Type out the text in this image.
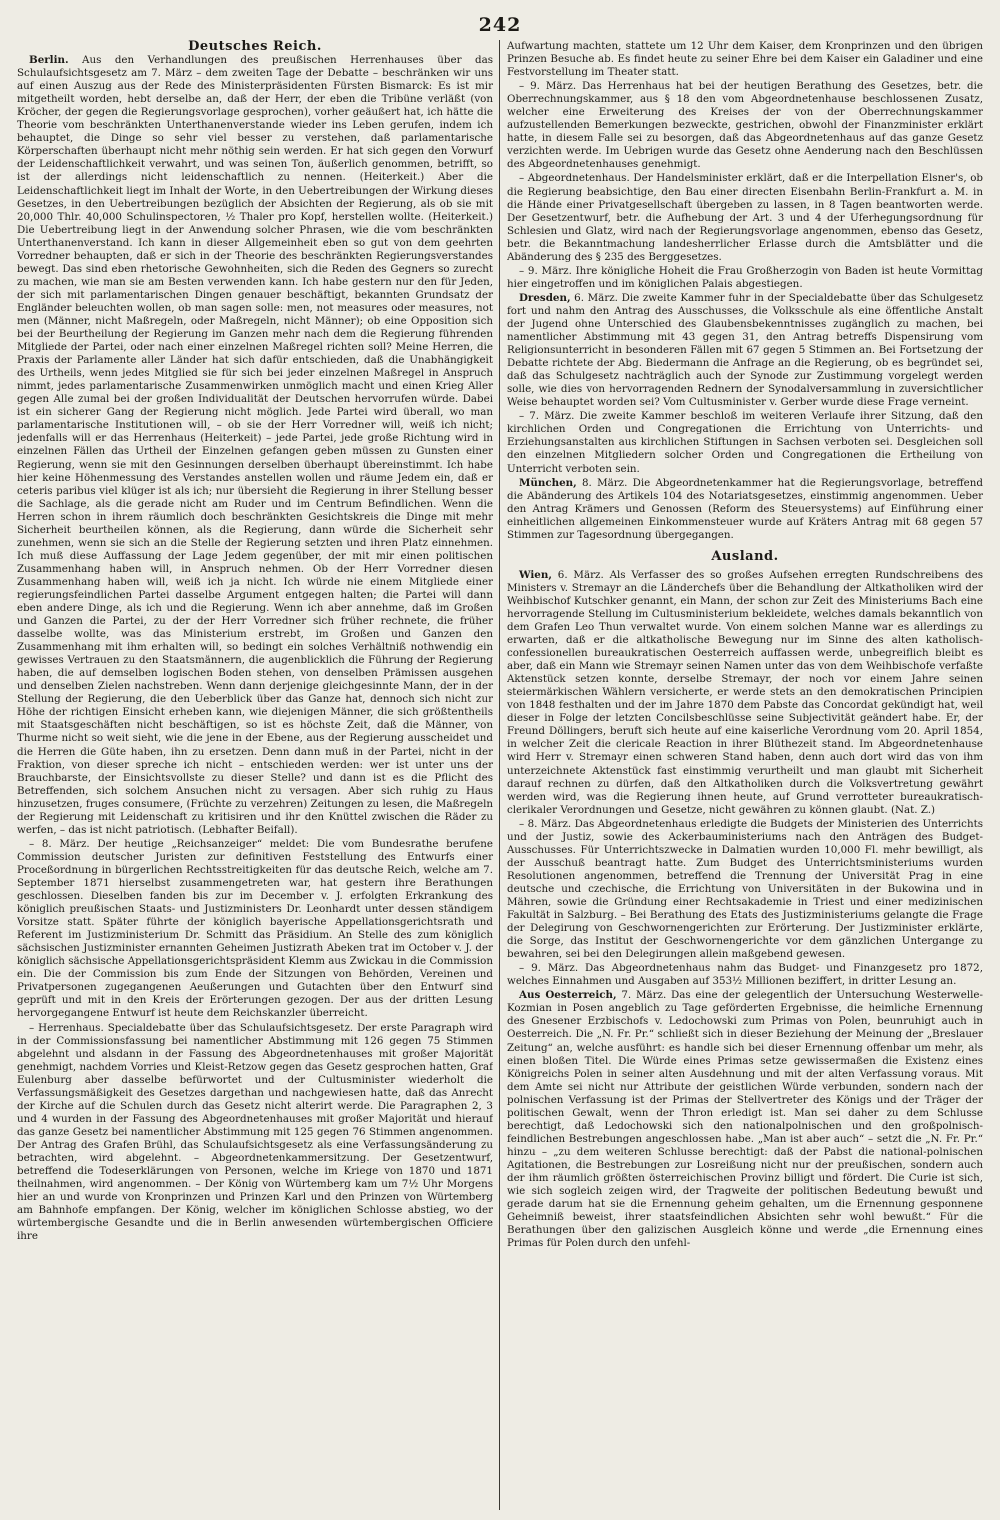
242
Deutsches Reich.

Berlin. Aus den Verhandlungen des preußischen Herrenhauses über das Schulaufsichtsgesetz am 7. März – dem zweiten Tage der Debatte – beschränken wir uns auf einen Auszug aus der Rede des Ministerpräsidenten Fürsten Bismarck: Es ist mir mitgetheilt worden, hebt derselbe an, daß der Herr, der eben die Tribüne verläßt (von Kröcher, der gegen die Regierungsvorlage gesprochen), vorher geäußert hat, ich hätte die Theorie vom beschränkten Unterthanenverstande wieder ins Leben gerufen, indem ich behauptet, die Dinge so sehr viel besser zu verstehen, daß parlamentarische Körperschaften überhaupt nicht mehr nöthig sein werden. Er hat sich gegen den Vorwurf der Leidenschaftlichkeit verwahrt, und was seinen Ton, äußerlich genommen, betrifft, so ist der allerdings nicht leidenschaftlich zu nennen. (Heiterkeit.) Aber die Leidenschaftlichkeit liegt im Inhalt der Worte, in den Uebertreibungen der Wirkung dieses Gesetzes, in den Uebertreibungen bezüglich der Absichten der Regierung, als ob sie mit 20,000 Thlr. 40,000 Schulinspectoren, ½ Thaler pro Kopf, herstellen wollte. (Heiterkeit.) Die Uebertreibung liegt in der Anwendung solcher Phrasen, wie die vom beschränkten Unterthanenverstand. Ich kann in dieser Allgemeinheit eben so gut von dem geehrten Vorredner behaupten, daß er sich in der Theorie des beschränkten Regierungsverstandes bewegt. Das sind eben rhetorische Gewohnheiten, sich die Reden des Gegners so zurecht zu machen, wie man sie am Besten verwenden kann. Ich habe gestern nur den für Jeden, der sich mit parlamentarischen Dingen genauer beschäftigt, bekannten Grundsatz der Engländer beleuchten wollen, ob man sagen solle: men, not measures oder measures, not men (Männer, nicht Maßregeln, oder Maßregeln, nicht Männer); ob eine Opposition sich bei der Beurtheilung der Regierung im Ganzen mehr nach dem die Regierung führenden Mitgliede der Partei, oder nach einer einzelnen Maßregel richten soll? Meine Herren, die Praxis der Parlamente aller Länder hat sich dafür entschieden, daß die Unabhängigkeit des Urtheils, wenn jedes Mitglied sie für sich bei jeder einzelnen Maßregel in Anspruch nimmt, jedes parlamentarische Zusammenwirken unmöglich macht und einen Krieg Aller gegen Alle zumal bei der großen Individualität der Deutschen hervorrufen würde. Dabei ist ein sicherer Gang der Regierung nicht möglich. Jede Partei wird überall, wo man parlamentarische Institutionen will, – ob sie der Herr Vorredner will, weiß ich nicht; jedenfalls will er das Herrenhaus (Heiterkeit) – jede Partei, jede große Richtung wird in einzelnen Fällen das Urtheil der Einzelnen gefangen geben müssen zu Gunsten einer Regierung, wenn sie mit den Gesinnungen derselben überhaupt übereinstimmt. Ich habe hier keine Höhenmessung des Verstandes anstellen wollen und räume Jedem ein, daß er ceteris paribus viel klüger ist als ich; nur übersieht die Regierung in ihrer Stellung besser die Sachlage, als die gerade nicht am Ruder und im Centrum Befindlichen. Wenn die Herren schon in ihrem räumlich doch beschränkten Gesichtskreis die Dinge mit mehr Sicherheit beurtheilen können, als die Regierung, dann würde die Sicherheit sehr zunehmen, wenn sie sich an die Stelle der Regierung setzten und ihren Platz einnehmen. Ich muß diese Auffassung der Lage Jedem gegenüber, der mit mir einen politischen Zusammenhang haben will, in Anspruch nehmen. Ob der Herr Vorredner diesen Zusammenhang haben will, weiß ich ja nicht. Ich würde nie einem Mitgliede einer regierungsfeindlichen Partei dasselbe Argument entgegen halten; die Partei will dann eben andere Dinge, als ich und die Regierung. Wenn ich aber annehme, daß im Großen und Ganzen die Partei, zu der der Herr Vorredner sich früher rechnete, die früher dasselbe wollte, was das Ministerium erstrebt, im Großen und Ganzen den Zusammenhang mit ihm erhalten will, so bedingt ein solches Verhältniß nothwendig ein gewisses Vertrauen zu den Staatsmännern, die augenblicklich die Führung der Regierung haben, die auf demselben logischen Boden stehen, von denselben Prämissen ausgehen und denselben Zielen nachstreben. Wenn dann derjenige gleichgesinnte Mann, der in der Stellung der Regierung, die den Ueberblick über das Ganze hat, dennoch sich nicht zur Höhe der richtigen Einsicht erheben kann, wie diejenigen Männer, die sich größtentheils mit Staatsgeschäften nicht beschäftigen, so ist es höchste Zeit, daß die Männer, von Thurme nicht so weit sieht, wie die jene in der Ebene, aus der Regierung ausscheidet und die Herren die Güte haben, ihn zu ersetzen. Denn dann muß in der Partei, nicht in der Fraktion, von dieser spreche ich nicht – entschieden werden: wer ist unter uns der Brauchbarste, der Einsichtsvollste zu dieser Stelle? und dann ist es die Pflicht des Betreffenden, sich solchem Ansuchen nicht zu versagen. Aber sich ruhig zu Haus hinzusetzen, fruges consumere, (Früchte zu verzehren) Zeitungen zu lesen, die Maßregeln der Regierung mit Leidenschaft zu kritisiren und ihr den Knüttel zwischen die Räder zu werfen, – das ist nicht patriotisch. (Lebhafter Beifall).

– 8. März. Der heutige „Reichsanzeiger“ meldet: Die vom Bundesrathe berufene Commission deutscher Juristen zur definitiven Feststellung des Entwurfs einer Proceßordnung in bürgerlichen Rechtsstreitigkeiten für das deutsche Reich, welche am 7. September 1871 hierselbst zusammengetreten war, hat gestern ihre Berathungen geschlossen. Dieselben fanden bis zur im December v. J. erfolgten Erkrankung des königlich preußischen Staats- und Justizministers Dr. Leonhardt unter dessen ständigem Vorsitze statt. Später führte der königlich bayerische Appellationsgerichtsrath und Referent im Justizministerium Dr. Schmitt das Präsidium. An Stelle des zum königlich sächsischen Justizminister ernannten Geheimen Justizrath Abeken trat im October v. J. der königlich sächsische Appellationsgerichtspräsident Klemm aus Zwickau in die Commission ein. Die der Commission bis zum Ende der Sitzungen von Behörden, Vereinen und Privatpersonen zugegangenen Aeußerungen und Gutachten über den Entwurf sind geprüft und mit in den Kreis der Erörterungen gezogen. Der aus der dritten Lesung hervorgegangene Entwurf ist heute dem Reichskanzler überreicht.

– Herrenhaus. Specialdebatte über das Schulaufsichtsgesetz. Der erste Paragraph wird in der Commissionsfassung bei namentlicher Abstimmung mit 126 gegen 75 Stimmen abgelehnt und alsdann in der Fassung des Abgeordnetenhauses mit großer Majorität genehmigt, nachdem Vorries und Kleist-Retzow gegen das Gesetz gesprochen hatten, Graf Eulenburg aber dasselbe befürwortet und der Cultusminister wiederholt die Verfassungsmäßigkeit des Gesetzes dargethan und nachgewiesen hatte, daß das Anrecht der Kirche auf die Schulen durch das Gesetz nicht alterirt werde. Die Paragraphen 2, 3 und 4 wurden in der Fassung des Abgeordnetenhauses mit großer Majorität und hierauf das ganze Gesetz bei namentlicher Abstimmung mit 125 gegen 76 Stimmen angenommen. Der Antrag des Grafen Brühl, das Schulaufsichtsgesetz als eine Verfassungsänderung zu betrachten, wird abgelehnt. – Abgeordnetenkammersitzung. Der Gesetzentwurf, betreffend die Todeserklärungen von Personen, welche im Kriege von 1870 und 1871 theilnahmen, wird angenommen. – Der König von Würtemberg kam um 7½ Uhr Morgens hier an und wurde von Kronprinzen und Prinzen Karl und den Prinzen von Würtemberg am Bahnhofe empfangen. Der König, welcher im königlichen Schlosse abstieg, wo der würtembergische Gesandte und die in Berlin anwesenden würtembergischen Officiere ihre

Aufwartung machten, stattete um 12 Uhr dem Kaiser, dem Kronprinzen und den übrigen Prinzen Besuche ab. Es findet heute zu seiner Ehre bei dem Kaiser ein Galadiner und eine Festvorstellung im Theater statt.

– 9. März. Das Herrenhaus hat bei der heutigen Berathung des Gesetzes, betr. die Oberrechnungskammer, aus § 18 den vom Abgeordnetenhause beschlossenen Zusatz, welcher eine Erweiterung des Kreises der von der Oberrechnungskammer aufzustellenden Bemerkungen bezweckte, gestrichen, obwohl der Finanzminister erklärt hatte, in diesem Falle sei zu besorgen, daß das Abgeordnetenhaus auf das ganze Gesetz verzichten werde. Im Uebrigen wurde das Gesetz ohne Aenderung nach den Beschlüssen des Abgeordnetenhauses genehmigt.

– Abgeordnetenhaus. Der Handelsminister erklärt, daß er die Interpellation Elsner's, ob die Regierung beabsichtige, den Bau einer directen Eisenbahn Berlin-Frankfurt a. M. in die Hände einer Privatgesellschaft übergeben zu lassen, in 8 Tagen beantworten werde. Der Gesetzentwurf, betr. die Aufhebung der Art. 3 und 4 der Uferhegungsordnung für Schlesien und Glatz, wird nach der Regierungsvorlage angenommen, ebenso das Gesetz, betr. die Bekanntmachung landesherrlicher Erlasse durch die Amtsblätter und die Abänderung des § 235 des Berggesetzes.

– 9. März. Ihre königliche Hoheit die Frau Großherzogin von Baden ist heute Vormittag hier eingetroffen und im königlichen Palais abgestiegen.

Dresden, 6. März. Die zweite Kammer fuhr in der Specialdebatte über das Schulgesetz fort und nahm den Antrag des Ausschusses, die Volksschule als eine öffentliche Anstalt der Jugend ohne Unterschied des Glaubensbekenntnisses zugänglich zu machen, bei namentlicher Abstimmung mit 43 gegen 31, den Antrag betreffs Dispensirung vom Religionsunterricht in besonderen Fällen mit 67 gegen 5 Stimmen an. Bei Fortsetzung der Debatte richtete der Abg. Biedermann die Anfrage an die Regierung, ob es begründet sei, daß das Schulgesetz nachträglich auch der Synode zur Zustimmung vorgelegt werden solle, wie dies von hervorragenden Rednern der Synodalversammlung in zuversichtlicher Weise behauptet worden sei? Vom Cultusminister v. Gerber wurde diese Frage verneint.

– 7. März. Die zweite Kammer beschloß im weiteren Verlaufe ihrer Sitzung, daß den kirchlichen Orden und Congregationen die Errichtung von Unterrichts- und Erziehungsanstalten aus kirchlichen Stiftungen in Sachsen verboten sei. Desgleichen soll den einzelnen Mitgliedern solcher Orden und Congregationen die Ertheilung von Unterricht verboten sein.

München, 8. März. Die Abgeordnetenkammer hat die Regierungsvorlage, betreffend die Abänderung des Artikels 104 des Notariatsgesetzes, einstimmig angenommen. Ueber den Antrag Krämers und Genossen (Reform des Steuersystems) auf Einführung einer einheitlichen allgemeinen Einkommensteuer wurde auf Kräters Antrag mit 68 gegen 57 Stimmen zur Tagesordnung übergegangen.

Ausland.

Wien, 6. März. Als Verfasser des so großes Aufsehen erregten Rundschreibens des Ministers v. Stremayr an die Länderchefs über die Behandlung der Altkatholiken wird der Weihbischof Kutschker genannt, ein Mann, der schon zur Zeit des Ministeriums Bach eine hervorragende Stellung im Cultusministerium bekleidete, welches damals bekanntlich von dem Grafen Leo Thun verwaltet wurde. Von einem solchen Manne war es allerdings zu erwarten, daß er die altkatholische Bewegung nur im Sinne des alten katholisch-confessionellen bureaukratischen Oesterreich auffassen werde, unbegreiflich bleibt es aber, daß ein Mann wie Stremayr seinen Namen unter das von dem Weihbischofe verfaßte Aktenstück setzen konnte, derselbe Stremayr, der noch vor einem Jahre seinen steiermärkischen Wählern versicherte, er werde stets an den demokratischen Principien von 1848 festhalten und der im Jahre 1870 dem Pabste das Concordat gekündigt hat, weil dieser in Folge der letzten Concilsbeschlüsse seine Subjectivität geändert habe. Er, der Freund Döllingers, beruft sich heute auf eine kaiserliche Verordnung vom 20. April 1854, in welcher Zeit die clericale Reaction in ihrer Blüthezeit stand. Im Abgeordnetenhause wird Herr v. Stremayr einen schweren Stand haben, denn auch dort wird das von ihm unterzeichnete Aktenstück fast einstimmig verurtheilt und man glaubt mit Sicherheit darauf rechnen zu dürfen, daß den Altkatholiken durch die Volksvertretung gewährt werden wird, was die Regierung ihnen heute, auf Grund verrotteter bureaukratisch-clerikaler Verordnungen und Gesetze, nicht gewähren zu können glaubt. (Nat. Z.)

– 8. März. Das Abgeordnetenhaus erledigte die Budgets der Ministerien des Unterrichts und der Justiz, sowie des Ackerbauministeriums nach den Anträgen des Budget-Ausschusses. Für Unterrichtszwecke in Dalmatien wurden 10,000 Fl. mehr bewilligt, als der Ausschuß beantragt hatte. Zum Budget des Unterrichtsministeriums wurden Resolutionen angenommen, betreffend die Trennung der Universität Prag in eine deutsche und czechische, die Errichtung von Universitäten in der Bukowina und in Mähren, sowie die Gründung einer Rechtsakademie in Triest und einer medizinischen Fakultät in Salzburg. – Bei Berathung des Etats des Justizministeriums gelangte die Frage der Delegirung von Geschwornengerichten zur Erörterung. Der Justizminister erklärte, die Sorge, das Institut der Geschwornengerichte vor dem gänzlichen Untergange zu bewahren, sei bei den Delegirungen allein maßgebend gewesen.

– 9. März. Das Abgeordnetenhaus nahm das Budget- und Finanzgesetz pro 1872, welches Einnahmen und Ausgaben auf 353½ Millionen beziffert, in dritter Lesung an.

Aus Oesterreich, 7. März. Das eine der gelegentlich der Untersuchung Westerwelle-Kozmian in Posen angeblich zu Tage geförderten Ergebnisse, die heimliche Ernennung des Gnesener Erzbischofs v. Ledochowski zum Primas von Polen, beunruhigt auch in Oesterreich. Die „N. Fr. Pr.“ schließt sich in dieser Beziehung der Meinung der „Breslauer Zeitung“ an, welche ausführt: es handle sich bei dieser Ernennung offenbar um mehr, als einen bloßen Titel. Die Würde eines Primas setze gewissermaßen die Existenz eines Königreichs Polen in seiner alten Ausdehnung und mit der alten Verfassung voraus. Mit dem Amte sei nicht nur Attribute der geistlichen Würde verbunden, sondern nach der polnischen Verfassung ist der Primas der Stellvertreter des Königs und der Träger der politischen Gewalt, wenn der Thron erledigt ist. Man sei daher zu dem Schlusse berechtigt, daß Ledochowski sich den nationalpolnischen und den großpolnisch-feindlichen Bestrebungen angeschlossen habe. „Man ist aber auch“ – setzt die „N. Fr. Pr.“ hinzu – „zu dem weiteren Schlusse berechtigt: daß der Pabst die national-polnischen Agitationen, die Bestrebungen zur Losreißung nicht nur der preußischen, sondern auch der ihm räumlich größten österreichischen Provinz billigt und fördert. Die Curie ist sich, wie sich sogleich zeigen wird, der Tragweite der politischen Bedeutung bewußt und gerade darum hat sie die Ernennung geheim gehalten, um die Ernennung gesponnene Geheimniß beweist, ihrer staatsfeindlichen Absichten sehr wohl bewußt.“ Für die Berathungen über den galizischen Ausgleich könne und werde „die Ernennung eines Primas für Polen durch den unfehl-
